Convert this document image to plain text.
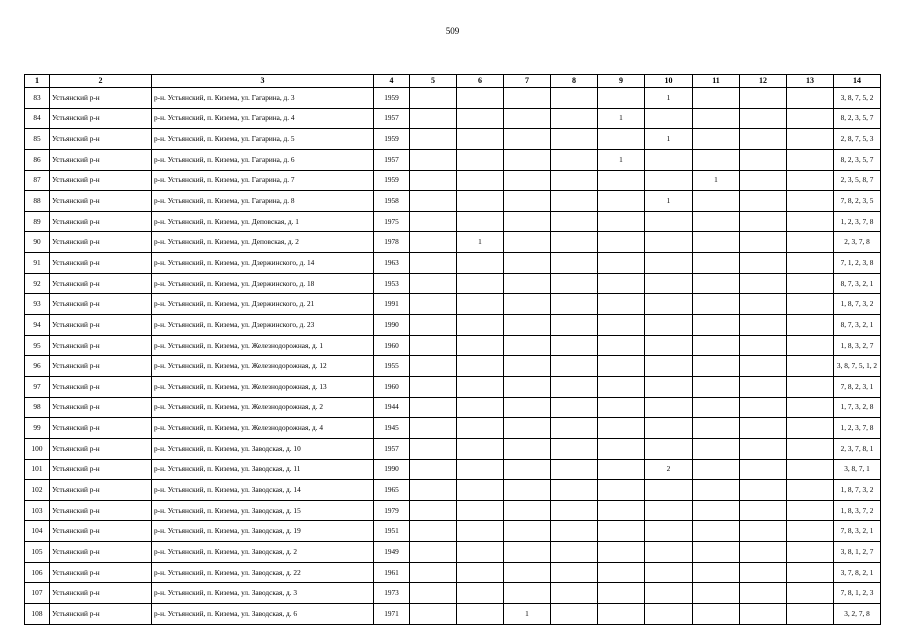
509
1	2	3	4	5	6	7	8	9	10	11	12	13	14
83	Устьянский р-н	р-н. Устьянский, п. Кизема, ул. Гагарина, д. 3	1959						1				3, 8, 7, 5, 2
84	Устьянский р-н	р-н. Устьянский, п. Кизема, ул. Гагарина, д. 4	1957					1					8, 2, 3, 5, 7
85	Устьянский р-н	р-н. Устьянский, п. Кизема, ул. Гагарина, д. 5	1959						1				2, 8, 7, 5, 3
86	Устьянский р-н	р-н. Устьянский, п. Кизема, ул. Гагарина, д. 6	1957					1					8, 2, 3, 5, 7
87	Устьянский р-н	р-н. Устьянский, п. Кизема, ул. Гагарина, д. 7	1959							1			2, 3, 5, 8, 7
88	Устьянский р-н	р-н. Устьянский, п. Кизема, ул. Гагарина, д. 8	1958						1				7, 8, 2, 3, 5
89	Устьянский р-н	р-н. Устьянский, п. Кизема, ул. Деповская, д. 1	1975										1, 2, 3, 7, 8
90	Устьянский р-н	р-н. Устьянский, п. Кизема, ул. Деповская, д. 2	1978		1								2, 3, 7, 8
91	Устьянский р-н	р-н. Устьянский, п. Кизема, ул. Дзержинского, д. 14	1963										7, 1, 2, 3, 8
92	Устьянский р-н	р-н. Устьянский, п. Кизема, ул. Дзержинского, д. 18	1953										8, 7, 3, 2, 1
93	Устьянский р-н	р-н. Устьянский, п. Кизема, ул. Дзержинского, д. 21	1991										1, 8, 7, 3, 2
94	Устьянский р-н	р-н. Устьянский, п. Кизема, ул. Дзержинского, д. 23	1990										8, 7, 3, 2, 1
95	Устьянский р-н	р-н. Устьянский, п. Кизема, ул. Железнодорожная, д. 1	1960										1, 8, 3, 2, 7
96	Устьянский р-н	р-н. Устьянский, п. Кизема, ул. Железнодорожная, д. 12	1955										3, 8, 7, 5, 1, 2
97	Устьянский р-н	р-н. Устьянский, п. Кизема, ул. Железнодорожная, д. 13	1960										7, 8, 2, 3, 1
98	Устьянский р-н	р-н. Устьянский, п. Кизема, ул. Железнодорожная, д. 2	1944										1, 7, 3, 2, 8
99	Устьянский р-н	р-н. Устьянский, п. Кизема, ул. Железнодорожная, д. 4	1945										1, 2, 3, 7, 8
100	Устьянский р-н	р-н. Устьянский, п. Кизема, ул. Заводская, д. 10	1957										2, 3, 7, 8, 1
101	Устьянский р-н	р-н. Устьянский, п. Кизема, ул. Заводская, д. 11	1990						2				3, 8, 7, 1
102	Устьянский р-н	р-н. Устьянский, п. Кизема, ул. Заводская, д. 14	1965										1, 8, 7, 3, 2
103	Устьянский р-н	р-н. Устьянский, п. Кизема, ул. Заводская, д. 15	1979										1, 8, 3, 7, 2
104	Устьянский р-н	р-н. Устьянский, п. Кизема, ул. Заводская, д. 19	1951										7, 8, 3, 2, 1
105	Устьянский р-н	р-н. Устьянский, п. Кизема, ул. Заводская, д. 2	1949										3, 8, 1, 2, 7
106	Устьянский р-н	р-н. Устьянский, п. Кизема, ул. Заводская, д. 22	1961										3, 7, 8, 2, 1
107	Устьянский р-н	р-н. Устьянский, п. Кизема, ул. Заводская, д. 3	1973										7, 8, 1, 2, 3
108	Устьянский р-н	р-н. Устьянский, п. Кизема, ул. Заводская, д. 6	1971			1							3, 2, 7, 8
